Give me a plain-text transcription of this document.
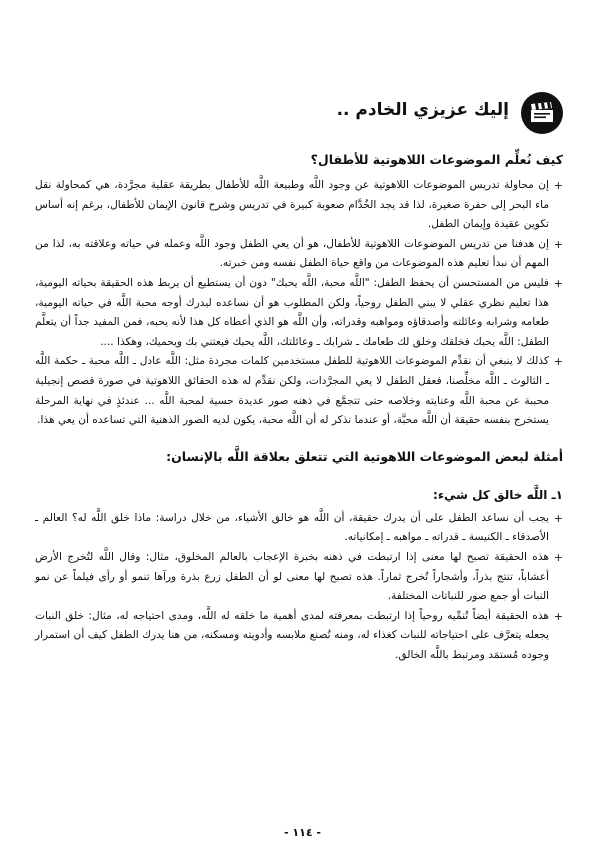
إليك عزيزي الخادم ..
كيف نُعلِّم الموضوعات اللاهوتية للأطفال؟
+
إن محاولة تدريس الموضوعات اللاهوتية عن وجود اللَّه وطبيعة اللَّه للأطفال بطريقة عقلية مجرَّدة، هي كمحاولة نقل ماء البحر إلى حفرة صغيرة، لذا قد يجد الخُدَّام صعوبة كبيرة في تدريس وشرح قانون الإيمان للأطفال، برغم إنه أساس تكوين عقيدة وإيمان الطفل.
+
إن هدفنا من تدريس الموضوعات اللاهوتية للأطفال، هو أن يعي الطفل وجود اللَّه وعمله في حياته وعلاقته به، لذا من المهم أن نبدأ تعليم هذه الموضوعات من واقع حياة الطفل نفسه ومن خبرته.
+
فليس من المستحسن أن يحفظ الطفل: "اللَّه محبة، اللَّه يحبك" دون أن يستطيع أن يربط هذه الحقيقة بحياته اليومية، هذا تعليم نظري عقلي لا يبني الطفل روحياً، ولكن المطلوب هو أن نساعده ليدرك أوجه محبة اللَّه في حياته اليومية، طعامه وشرابه وعائلته وأصدقاؤه ومواهبه وقدراته، وأن اللَّه هو الذي أعطاه كل هذا لأنه يحبه، فمن المفيد جداً أن يتعلَّم الطفل: اللَّه يحبك فخلقك وخلق لك طعامك ـ شرابك ـ وعائلتك، اللَّه يحبك فيعتني بك ويحميك، وهكذا ....
+
كذلك لا ينبغي أن نقدِّم الموضوعات اللاهوتية للطفل مستخدمين كلمات مجردة مثل: اللَّه عادل ـ اللَّه محبة ـ حكمة اللَّه ـ الثالوث ـ اللَّه مخلِّصنا، فعقل الطفل لا يعي المجرَّدات، ولكن نقدِّم له هذه الحقائق اللاهوتية في صورة قصص إنجيلية محببة عن محبة اللَّه وعنايته وخلاصه حتى تتجمَّع في ذهنه صور عديدة حسية لمحبة اللَّه ... عندئذٍ في نهاية المرحلة يستخرج بنفسه حقيقة أن اللَّه محبَّة، أو عندما نذكر له أن اللَّه محبة، يكون لديه الصور الذهنية التي تساعده أن يعي هذا.
أمثلة لبعض الموضوعات اللاهوتية التي تتعلق بعلاقة اللَّه بالإنسان:
١ـ اللَّه خالق كل شيء:
+
يجب أن نساعد الطفل على أن يدرك حقيقة، أن اللَّه هو خالق الأشياء، من خلال دراسة: ماذا خلق اللَّه له؟ العالم ـ الأصدقاء ـ الكنيسة ـ قدراته ـ مواهبه ـ إمكانياته.
+
هذه الحقيقة تصبح لها معنى إذا ارتبطت في ذهنه بخبرة الإعجاب بالعالم المخلوق، مثال: وقال اللَّه لتُخرج الأرض أعشاباً، تنتج بذراً، وأشجاراً تُخرج ثماراً. هذه تصبح لها معنى لو أن الطفل زرع بذرة ورآها تنمو أو رأى فيلماً عن نمو النبات أو جمع صور للنباتات المختلفة.
+
هذه الحقيقة أيضاً تُنمِّيه روحياً إذا ارتبطت بمعرفته لمدى أهمية ما خلقه له اللَّه، ومدى احتياجه له، مثال: خلق النبات يجعله يتعرَّف على احتياجاته للنبات كغذاء له، ومنه تُصنع ملابسه وأدويته ومسكنه، من هنا يدرك الطفل كيف أن استمرار وجوده مُستمَد ومرتبط باللَّه الخالق.
- ١١٤ -
